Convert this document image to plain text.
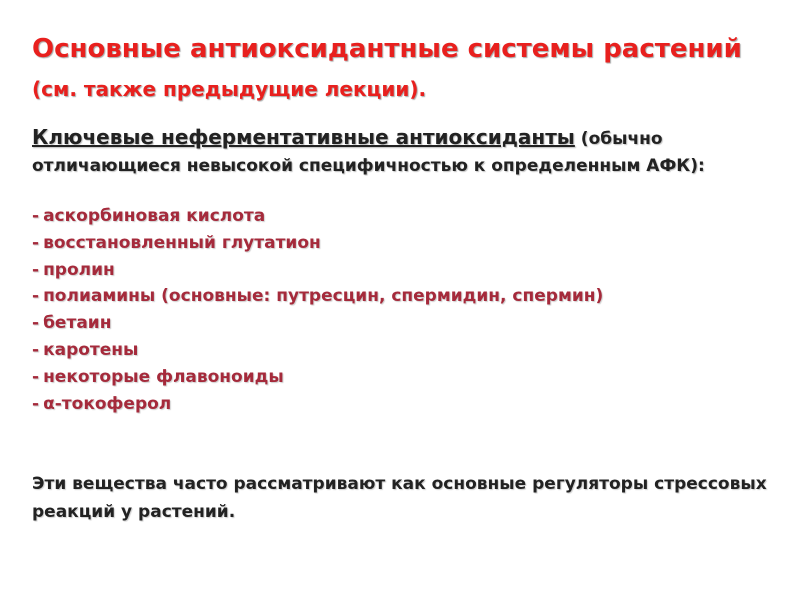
Основные антиоксидантные системы растений (см. также предыдущие лекции).
Ключевые неферментативные антиоксиданты (обычно отличающиеся невысокой специфичностью к определенным АФК):
- аскорбиновая кислота
- восстановленный глутатион
- пролин
- полиамины (основные: путресцин, спермидин, спермин)
- бетаин
- каротены
- некоторые флавоноиды
- α-токоферол
Эти вещества часто рассматривают как основные регуляторы стрессовых реакций у растений.
